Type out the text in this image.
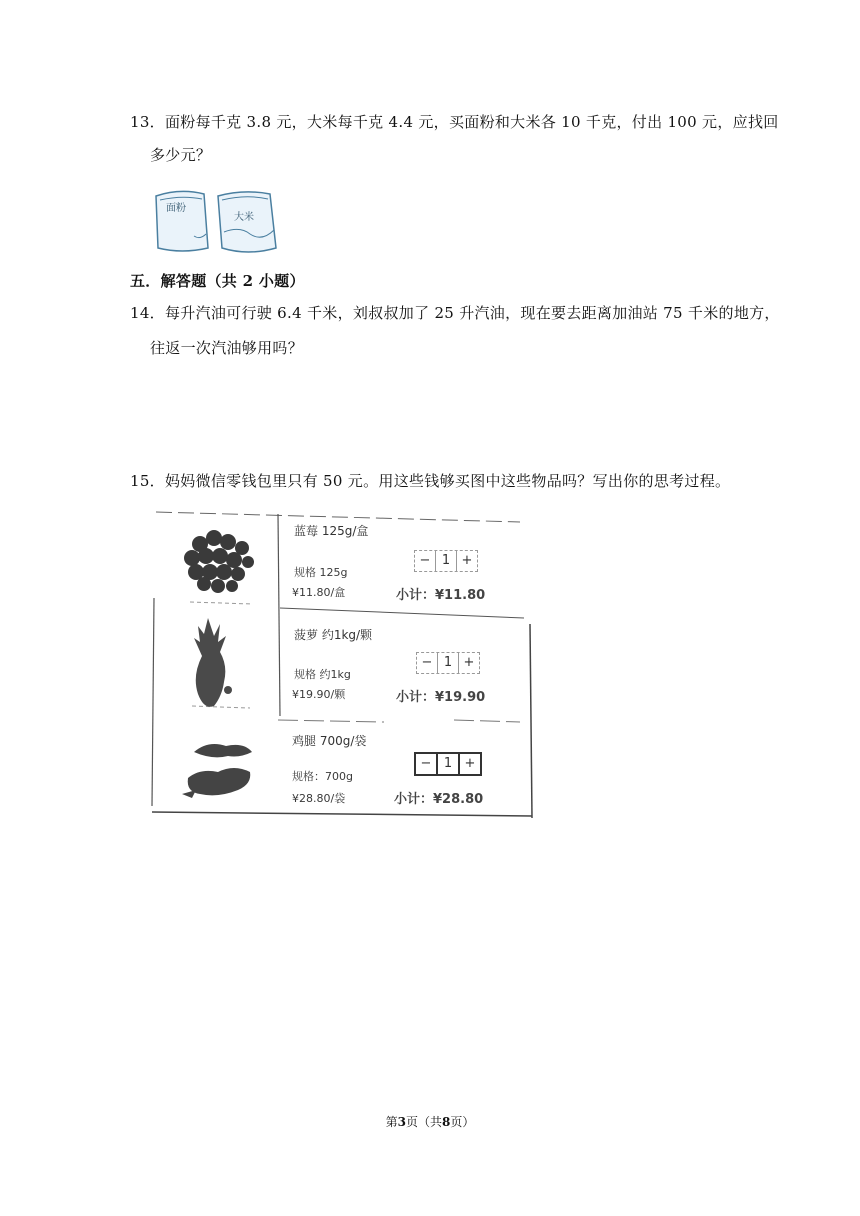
13．面粉每千克 3.8 元，大米每千克 4.4 元，买面粉和大米各 10 千克，付出 100 元，应找回
多少元？
面粉
大米
五．解答题（共 2 小题）
14．每升汽油可行驶 6.4 千米，刘叔叔加了 25 升汽油，现在要去距离加油站 75 千米的地方，
往返一次汽油够用吗？
15．妈妈微信零钱包里只有 50 元。用这些钱够买图中这些物品吗？写出你的思考过程。
蓝莓 125g/盒
规格 125g
¥11.80/盒
− 1 +
小计：¥11.80
菠萝 约1kg/颗
规格 约1kg
¥19.90/颗
− 1 +
小计：¥19.90
鸡腿 700g/袋
规格：700g
¥28.80/袋
− 1 +
小计：¥28.80
第3页（共8页）
